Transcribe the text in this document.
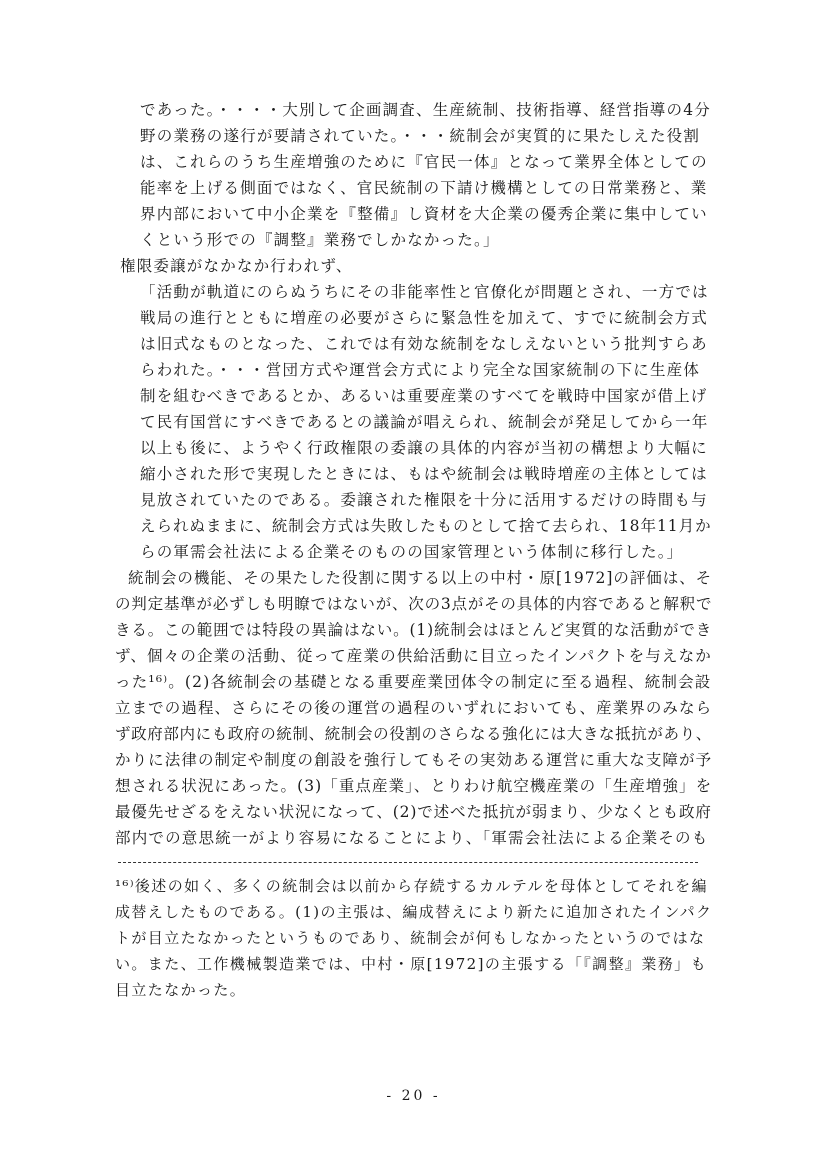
であった。・・・・大別して企画調査、生産統制、技術指導、経営指導の4分
野の業務の遂行が要請されていた。・・・統制会が実質的に果たしえた役割
は、これらのうち生産増強のために『官民一体』となって業界全体としての
能率を上げる側面ではなく、官民統制の下請け機構としての日常業務と、業
界内部において中小企業を『整備』し資材を大企業の優秀企業に集中してい
くという形での『調整』業務でしかなかった。」
権限委譲がなかなか行われず、
「活動が軌道にのらぬうちにその非能率性と官僚化が問題とされ、一方では
戦局の進行とともに増産の必要がさらに緊急性を加えて、すでに統制会方式
は旧式なものとなった、これでは有効な統制をなしえないという批判すらあ
らわれた。・・・営団方式や運営会方式により完全な国家統制の下に生産体
制を組むべきであるとか、あるいは重要産業のすべてを戦時中国家が借上げ
て民有国営にすべきであるとの議論が唱えられ、統制会が発足してから一年
以上も後に、ようやく行政権限の委譲の具体的内容が当初の構想より大幅に
縮小された形で実現したときには、もはや統制会は戦時増産の主体としては
見放されていたのである。委譲された権限を十分に活用するだけの時間も与
えられぬままに、統制会方式は失敗したものとして捨て去られ、18年11月か
らの軍需会社法による企業そのものの国家管理という体制に移行した。」
統制会の機能、その果たした役割に関する以上の中村・原[1972]の評価は、そ
の判定基準が必ずしも明瞭ではないが、次の3点がその具体的内容であると解釈で
きる。この範囲では特段の異論はない。(1)統制会はほとんど実質的な活動ができ
ず、個々の企業の活動、従って産業の供給活動に目立ったインパクトを与えなか
った¹⁶⁾。(2)各統制会の基礎となる重要産業団体令の制定に至る過程、統制会設
立までの過程、さらにその後の運営の過程のいずれにおいても、産業界のみなら
ず政府部内にも政府の統制、統制会の役割のさらなる強化には大きな抵抗があり、
かりに法律の制定や制度の創設を強行してもその実効ある運営に重大な支障が予
想される状況にあった。(3)「重点産業」、とりわけ航空機産業の「生産増強」を
最優先せざるをえない状況になって、(2)で述べた抵抗が弱まり、少なくとも政府
部内での意思統一がより容易になることにより、「軍需会社法による企業そのも
¹⁶⁾後述の如く、多くの統制会は以前から存続するカルテルを母体としてそれを編
成替えしたものである。(1)の主張は、編成替えにより新たに追加されたインパク
トが目立たなかったというものであり、統制会が何もしなかったというのではな
い。また、工作機械製造業では、中村・原[1972]の主張する「『調整』業務」も
目立たなかった。
- 20 -
